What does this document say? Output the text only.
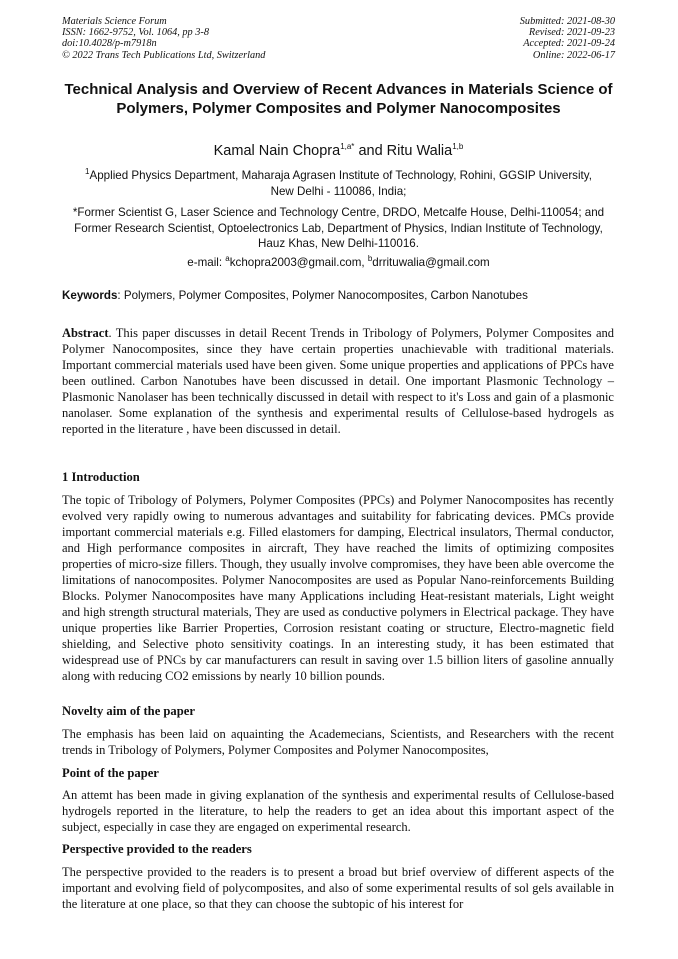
Materials Science Forum
ISSN: 1662-9752, Vol. 1064, pp 3-8
doi:10.4028/p-m7918n
© 2022 Trans Tech Publications Ltd, Switzerland
Submitted: 2021-08-30
Revised: 2021-09-23
Accepted: 2021-09-24
Online: 2022-06-17
Technical Analysis and Overview of Recent Advances in Materials Science of Polymers, Polymer Composites and Polymer Nanocomposites
Kamal Nain Chopra$^{1,a*}$ and Ritu Walia$^{1,b}$
$^1$Applied Physics Department, Maharaja Agrasen Institute of Technology, Rohini, GGSIP University, New Delhi - 110086, India;
*Former Scientist G, Laser Science and Technology Centre, DRDO, Metcalfe House, Delhi-110054; and Former Research Scientist, Optoelectronics Lab, Department of Physics, Indian Institute of Technology, Hauz Khas, New Delhi-110016.
e-mail: $^a$kchopra2003@gmail.com, $^b$drrituwalia@gmail.com
Keywords: Polymers, Polymer Composites, Polymer Nanocomposites, Carbon Nanotubes
Abstract. This paper discusses in detail Recent Trends in Tribology of Polymers, Polymer Composites and Polymer Nanocomposites, since they have certain properties unachievable with traditional materials. Important commercial materials used have been given. Some unique properties and applications of PPCs have been outlined. Carbon Nanotubes have been discussed in detail. One important Plasmonic Technology – Plasmonic Nanolaser has been technically discussed in detail with respect to it's Loss and gain of a plasmonic nanolaser. Some explanation of the synthesis and experimental results of Cellulose-based hydrogels as reported in the literature , have been discussed in detail.
1 Introduction
The topic of Tribology of Polymers, Polymer Composites (PPCs) and Polymer Nanocomposites has recently evolved very rapidly owing to numerous advantages and suitability for fabricating devices. PMCs provide important commercial materials e.g. Filled elastomers for damping, Electrical insulators, Thermal conductor, and High performance composites in aircraft, They have reached the limits of optimizing composites properties of micro-size fillers. Though, they usually involve compromises, they have been able overcome the limitations of nanocomposites. Polymer Nanocomposites are used as Popular Nano-reinforcements Building Blocks. Polymer Nanocomposites have many Applications including Heat-resistant materials, Light weight and high strength structural materials, They are used as conductive polymers in Electrical package. They have unique properties like Barrier Properties, Corrosion resistant coating or structure, Electro-magnetic field shielding, and Selective photo sensitivity coatings. In an interesting study, it has been estimated that widespread use of PNCs by car manufacturers can result in saving over 1.5 billion liters of gasoline annually along with reducing CO2 emissions by nearly 10 billion pounds.
Novelty aim of the paper
The emphasis has been laid on aquainting the Academecians, Scientists, and Researchers with the recent trends in Tribology of Polymers, Polymer Composites and Polymer Nanocomposites,
Point of the paper
An attemt has been made in giving explanation of the synthesis and experimental results of Cellulose-based hydrogels reported in the literature, to help the readers to get an idea about this important aspect of the subject, especially in case they are engaged on experimental research.
Perspective provided to the readers
The perspective provided to the readers is to present a broad but brief overview of different aspects of the important and evolving field of polycomposites, and also of some experimental results of sol gels available in the literature at one place, so that they can choose the subtopic of his interest for
